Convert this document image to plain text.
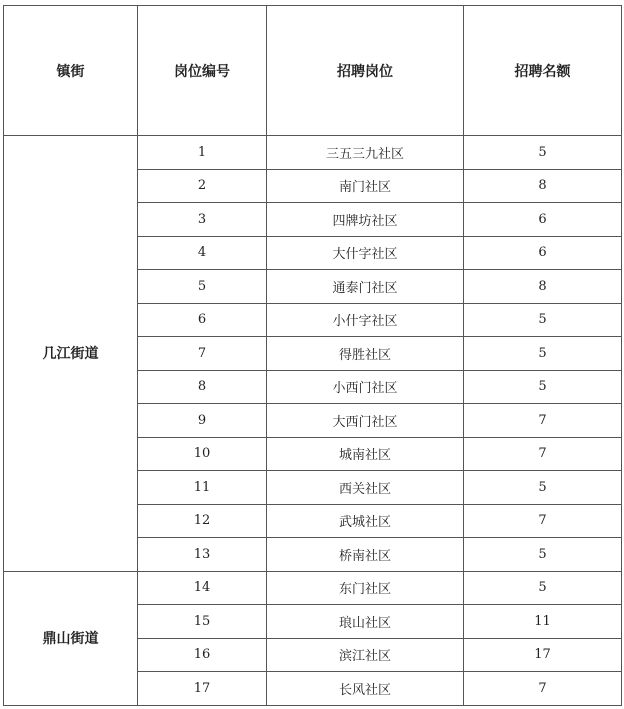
镇街	岗位编号	招聘岗位	招聘名额
几江街道	1	三五三九社区	5
	2	南门社区	8
	3	四牌坊社区	6
	4	大什字社区	6
	5	通泰门社区	8
	6	小什字社区	5
	7	得胜社区	5
	8	小西门社区	5
	9	大西门社区	7
	10	城南社区	7
	11	西关社区	5
	12	武城社区	7
	13	桥南社区	5
鼎山街道	14	东门社区	5
	15	琅山社区	11
	16	滨江社区	17
	17	长风社区	7
